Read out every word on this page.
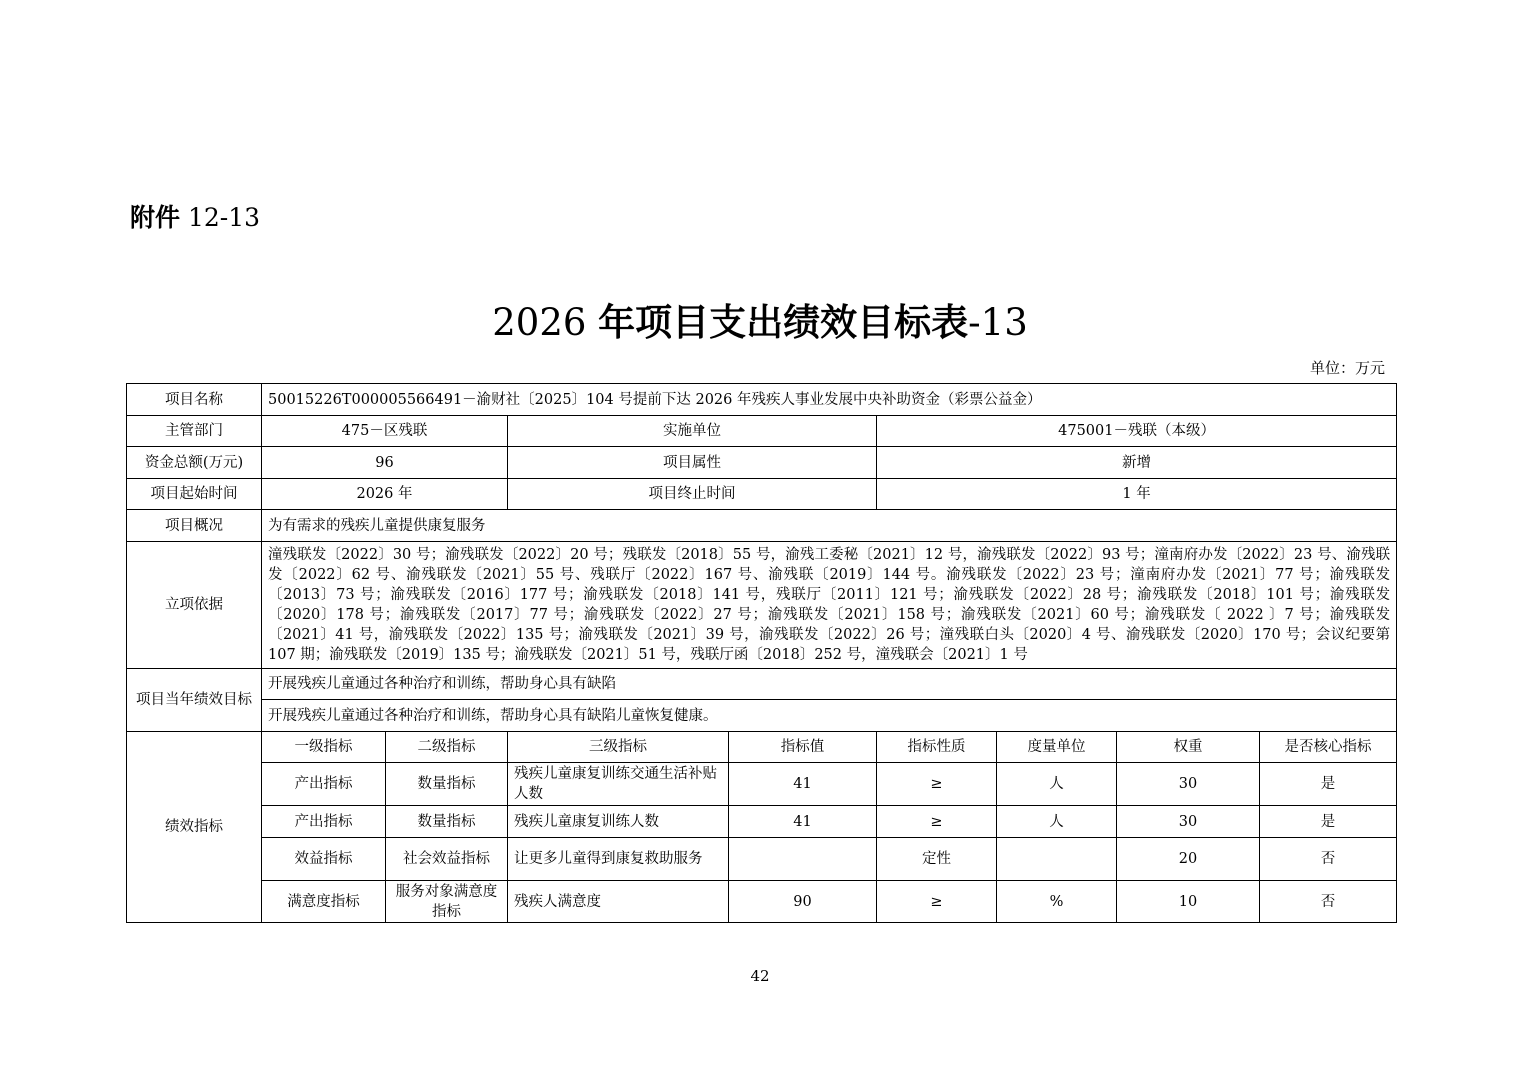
附件 12-13
2026 年项目支出绩效目标表-13
单位：万元
项目名称	50015226T000005566491－渝财社〔2025〕104 号提前下达 2026 年残疾人事业发展中央补助资金（彩票公益金）							
主管部门	475－区残联		实施单位		475001－残联（本级）			
资金总额(万元)	96		项目属性		新增			
项目起始时间	2026 年		项目终止时间		1 年			
项目概况	为有需求的残疾儿童提供康复服务							
立项依据	潼残联发〔2022〕30 号；渝残联发〔2022〕20 号；残联发〔2018〕55 号，渝残工委秘〔2021〕12 号，渝残联发〔2022〕93 号；潼南府办发〔2022〕23 号、渝残联发〔2022〕62 号、渝残联发〔2021〕55 号、残联厅〔2022〕167 号、渝残联〔2019〕144 号。渝残联发〔2022〕23 号；潼南府办发〔2021〕77 号；渝残联发〔2013〕73 号；渝残联发〔2016〕177 号；渝残联发〔2018〕141 号，残联厅〔2011〕121 号；渝残联发〔2022〕28 号；渝残联发〔2018〕101 号；渝残联发〔2020〕178 号；渝残联发〔2017〕77 号；渝残联发〔2022〕27 号；渝残联发〔2021〕158 号；渝残联发〔2021〕60 号；渝残联发〔 2022 〕7 号；渝残联发〔2021〕41 号，渝残联发〔2022〕135 号；渝残联发〔2021〕39 号，渝残联发〔2022〕26 号；潼残联白头〔2020〕4 号、渝残联发〔2020〕170 号；会议纪要第 107 期；渝残联发〔2019〕135 号；渝残联发〔2021〕51 号，残联厅函〔2018〕252 号，潼残联会〔2021〕1 号							
项目当年绩效目标	开展残疾儿童通过各种治疗和训练，帮助身心具有缺陷							
	开展残疾儿童通过各种治疗和训练，帮助身心具有缺陷儿童恢复健康。							
绩效指标	一级指标	二级指标	三级指标	指标值	指标性质	度量单位	权重	是否核心指标
	产出指标	数量指标	残疾儿童康复训练交通生活补贴人数	41	≥	人	30	是
	产出指标	数量指标	残疾儿童康复训练人数	41	≥	人	30	是
	效益指标	社会效益指标	让更多儿童得到康复救助服务		定性		20	否
	满意度指标	服务对象满意度指标	残疾人满意度	90	≥	%	10	否
42
